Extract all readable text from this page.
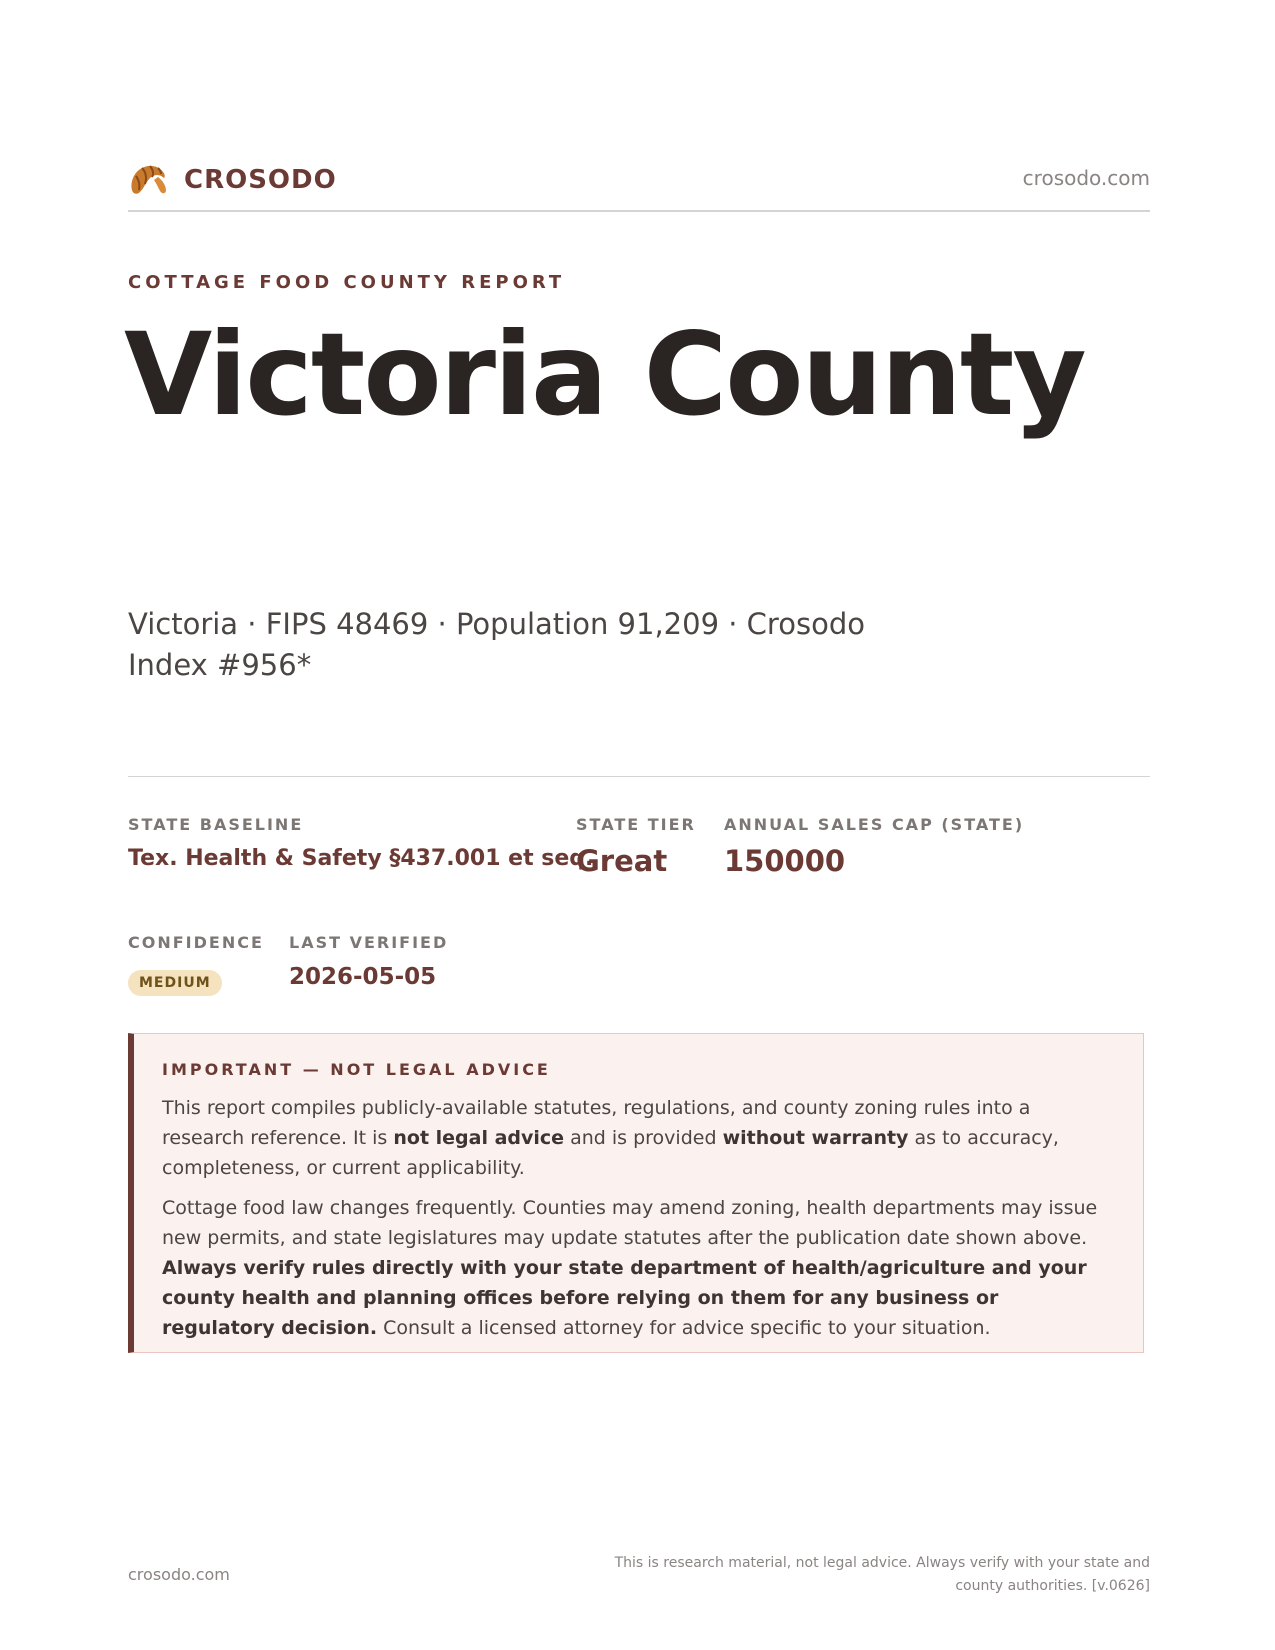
CROSODO	crosodo.com
COTTAGE FOOD COUNTY REPORT
Victoria County
Victoria · FIPS 48469 · Population 91,209 · Crosodo Index #956*
STATE BASELINE
Tex. Health & Safety §437.001 et seq.
STATE TIER
Great
ANNUAL SALES CAP (STATE)
150000
CONFIDENCE
MEDIUM
LAST VERIFIED
2026-05-05
IMPORTANT — NOT LEGAL ADVICE

This report compiles publicly-available statutes, regulations, and county zoning rules into a research reference. It is not legal advice and is provided without warranty as to accuracy, completeness, or current applicability.

Cottage food law changes frequently. Counties may amend zoning, health departments may issue new permits, and state legislatures may update statutes after the publication date shown above. Always verify rules directly with your state department of health/agriculture and your county health and planning offices before relying on them for any business or regulatory decision. Consult a licensed attorney for advice specific to your situation.

crosodo.com
This is research material, not legal advice. Always verify with your state and county authorities. [v.0626]
